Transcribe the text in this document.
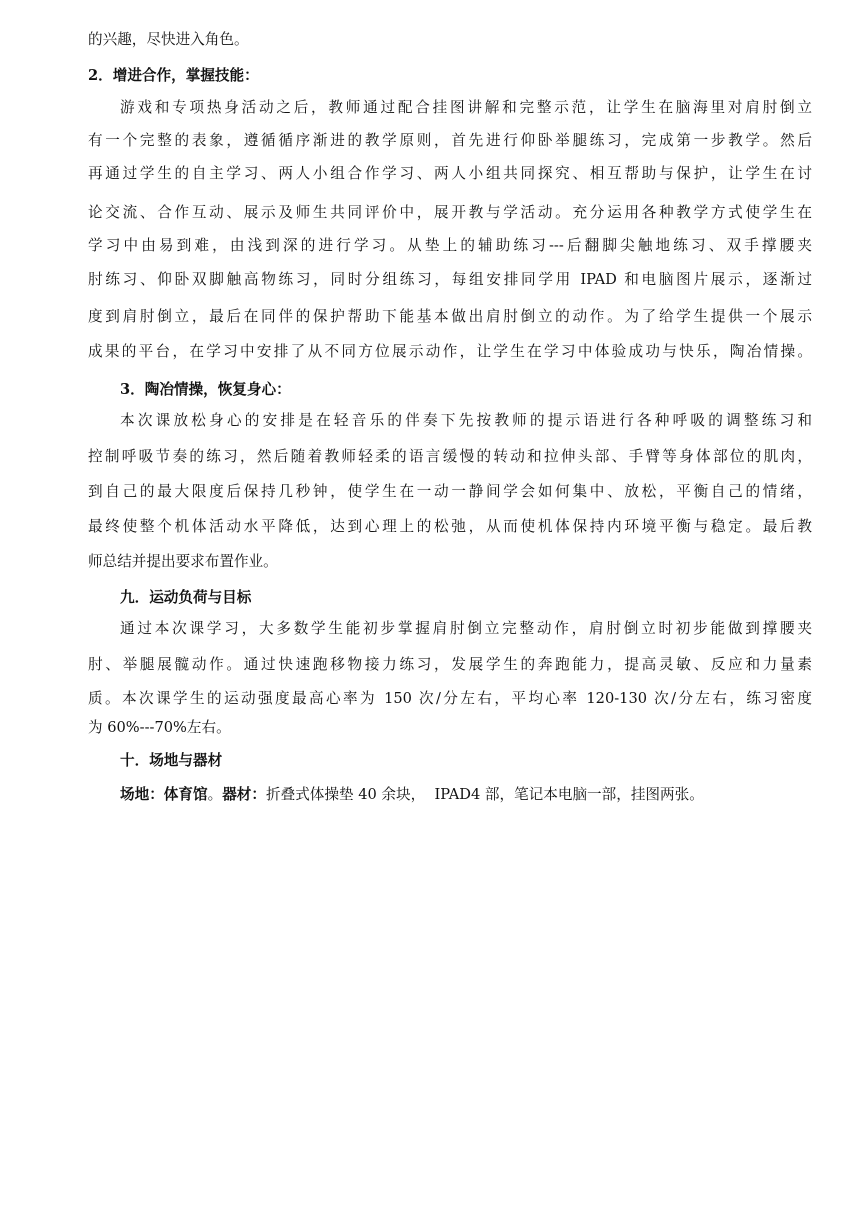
的兴趣，尽快进入角色。
2．增进合作，掌握技能：
游戏和专项热身活动之后，教师通过配合挂图讲解和完整示范，让学生在脑海里对肩肘倒立
有一个完整的表象，遵循循序渐进的教学原则，首先进行仰卧举腿练习，完成第一步教学。然后
再通过学生的自主学习、两人小组合作学习、两人小组共同探究、相互帮助与保护，让学生在讨
论交流、合作互动、展示及师生共同评价中，展开教与学活动。充分运用各种教学方式使学生在
学习中由易到难，由浅到深的进行学习。从垫上的辅助练习---后翻脚尖触地练习、双手撑腰夹
肘练习、仰卧双脚触高物练习，同时分组练习，每组安排同学用 IPAD 和电脑图片展示，逐渐过
度到肩肘倒立，最后在同伴的保护帮助下能基本做出肩肘倒立的动作。为了给学生提供一个展示
成果的平台，在学习中安排了从不同方位展示动作，让学生在学习中体验成功与快乐，陶冶情操。
3．陶冶情操，恢复身心：
本次课放松身心的安排是在轻音乐的伴奏下先按教师的提示语进行各种呼吸的调整练习和
控制呼吸节奏的练习，然后随着教师轻柔的语言缓慢的转动和拉伸头部、手臂等身体部位的肌肉，
到自己的最大限度后保持几秒钟，使学生在一动一静间学会如何集中、放松，平衡自己的情绪，
最终使整个机体活动水平降低，达到心理上的松弛，从而使机体保持内环境平衡与稳定。最后教
师总结并提出要求布置作业。
九．运动负荷与目标
通过本次课学习，大多数学生能初步掌握肩肘倒立完整动作，肩肘倒立时初步能做到撑腰夹
肘、举腿展髋动作。通过快速跑移物接力练习，发展学生的奔跑能力，提高灵敏、反应和力量素
质。本次课学生的运动强度最高心率为 150 次/分左右，平均心率 120-130 次/分左右，练习密度
为 60%---70%左右。
十．场地与器材
场地：体育馆。器材：折叠式体操垫 40 余块，  IPAD4 部，笔记本电脑一部，挂图两张。
